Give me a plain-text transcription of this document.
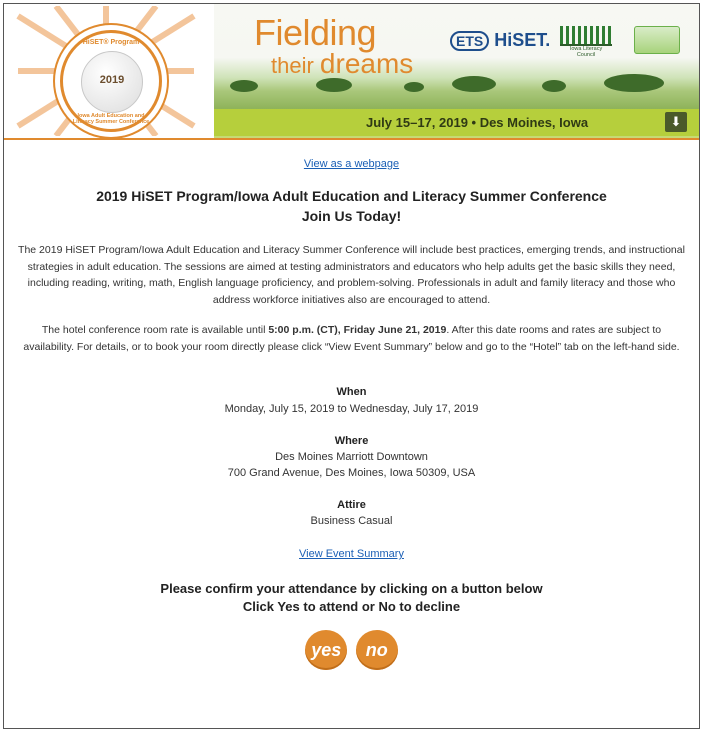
HiSET® Program
2019
Iowa Adult Education and Literacy Summer Conference
Fielding
their dreams
ETS HiSET.	Iowa Literacy Council
July 15–17, 2019 • Des Moines, Iowa	⬇
View as a webpage
2019 HiSET Program/Iowa Adult Education and Literacy Summer Conference
Join Us Today!
The 2019 HiSET Program/Iowa Adult Education and Literacy Summer Conference will include best practices, emerging trends, and instructional strategies in adult education. The sessions are aimed at testing administrators and educators who help adults get the basic skills they need, including reading, writing, math, English language proficiency, and problem-solving. Professionals in adult and family literacy and those who address workforce initiatives also are encouraged to attend.
The hotel conference room rate is available until 5:00 p.m. (CT), Friday June 21, 2019. After this date rooms and rates are subject to availability. For details, or to book your room directly please click “View Event Summary” below and go to the “Hotel” tab on the left-hand side.
When
Monday, July 15, 2019 to Wednesday, July 17, 2019
Where
Des Moines Marriott Downtown
700 Grand Avenue, Des Moines, Iowa 50309, USA
Attire
Business Casual
View Event Summary
Please confirm your attendance by clicking on a button below
Click Yes to attend or No to decline
yes no
